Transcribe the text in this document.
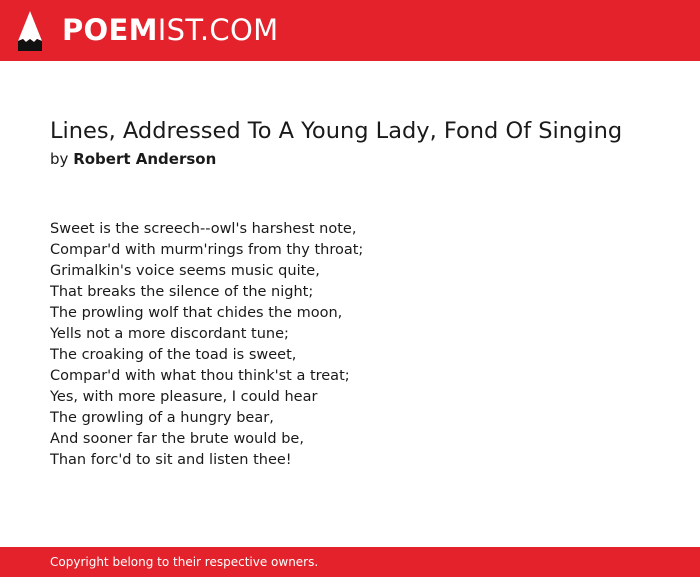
POEMIST.COM
Lines, Addressed To A Young Lady, Fond Of Singing
by Robert Anderson
Sweet is the screech--owl's harshest note,
Compar'd with murm'rings from thy throat;
Grimalkin's voice seems music quite,
That breaks the silence of the night;
The prowling wolf that chides the moon,
Yells not a more discordant tune;
The croaking of the toad is sweet,
Compar'd with what thou think'st a treat;
Yes, with more pleasure, I could hear
The growling of a hungry bear,
And sooner far the brute would be,
Than forc'd to sit and listen thee!
Copyright belong to their respective owners.
